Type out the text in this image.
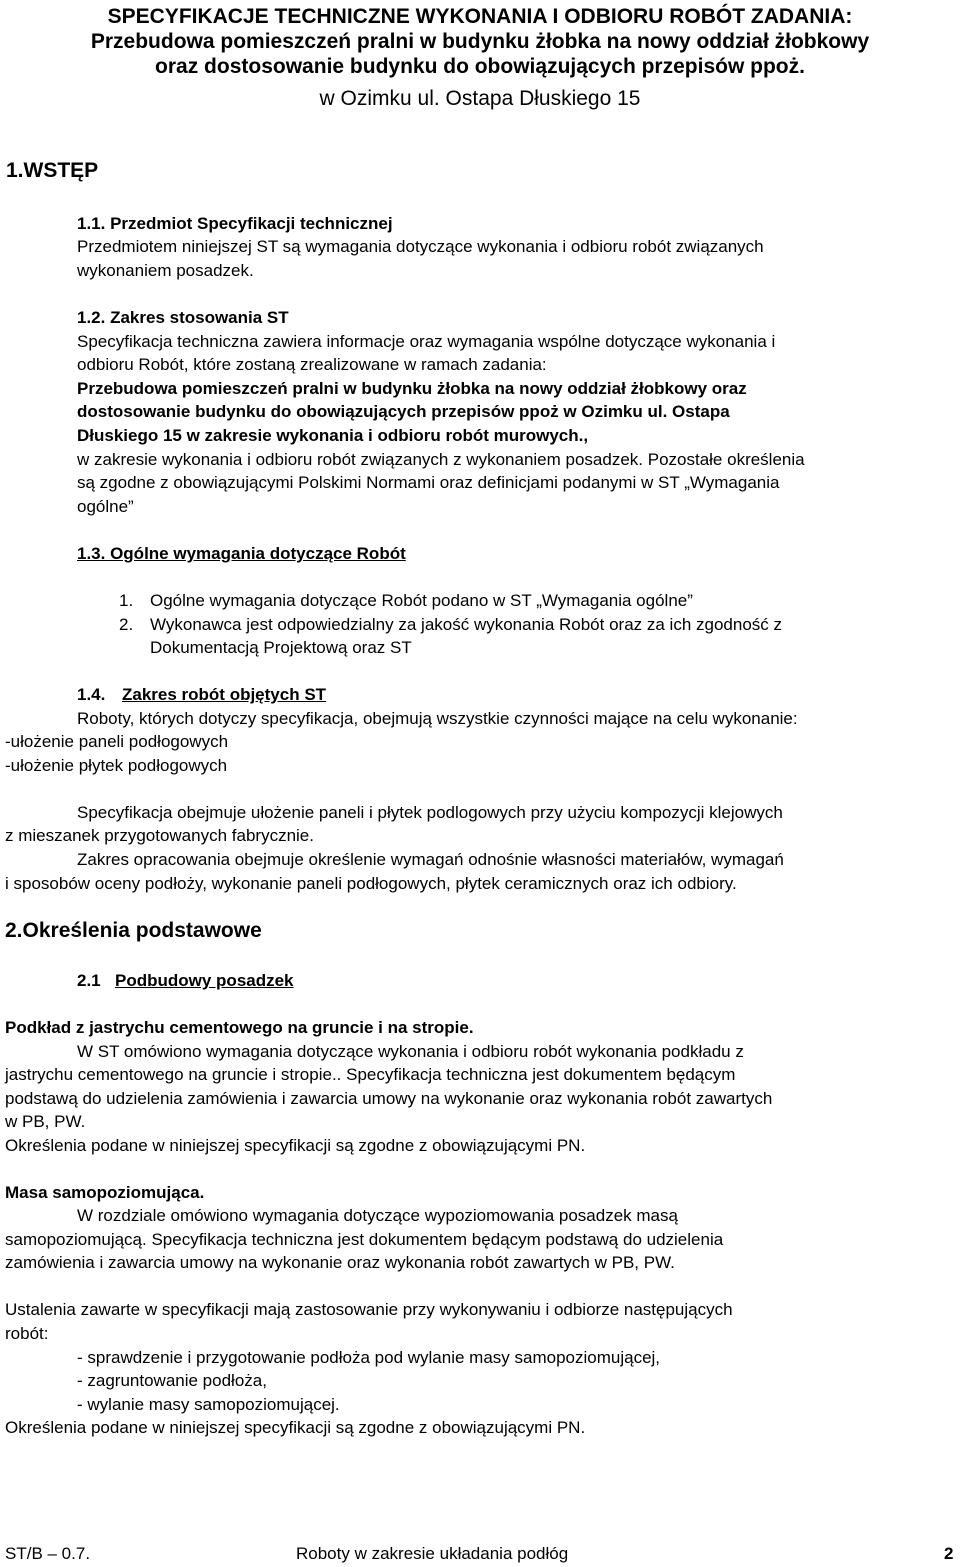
SPECYFIKACJE TECHNICZNE WYKONANIA I ODBIORU ROBÓT ZADANIA:
Przebudowa pomieszczeń pralni w budynku żłobka na nowy oddział żłobkowy
oraz dostosowanie budynku do obowiązujących przepisów ppoż.
w Ozimku ul. Ostapa Dłuskiego 15
1.WSTĘP
1.1. Przedmiot Specyfikacji technicznej
Przedmiotem niniejszej ST są wymagania dotyczące wykonania i odbioru robót związanych
wykonaniem posadzek.
1.2. Zakres stosowania ST
Specyfikacja techniczna zawiera informacje oraz wymagania wspólne dotyczące wykonania i
odbioru Robót, które zostaną zrealizowane w ramach zadania:
Przebudowa pomieszczeń pralni w budynku żłobka na nowy oddział żłobkowy oraz
dostosowanie budynku do obowiązujących przepisów ppoż w Ozimku ul. Ostapa
Dłuskiego 15 w zakresie wykonania i odbioru robót murowych.,
w zakresie wykonania i odbioru robót związanych z wykonaniem posadzek. Pozostałe określenia
są zgodne z obowiązującymi Polskimi Normami oraz definicjami podanymi w ST „Wymagania
ogólne”
1.3. Ogólne wymagania dotyczące Robót
1. Ogólne wymagania dotyczące Robót podano w ST „Wymagania ogólne”
2. Wykonawca jest odpowiedzialny za jakość wykonania Robót oraz za ich zgodność z
Dokumentacją Projektową oraz ST
1.4. Zakres robót objętych ST
Roboty, których dotyczy specyfikacja, obejmują wszystkie czynności mające na celu wykonanie:
-ułożenie paneli podłogowych
-ułożenie płytek podłogowych
Specyfikacja obejmuje ułożenie paneli i płytek podlogowych przy użyciu kompozycji klejowych
z mieszanek przygotowanych fabrycznie.
Zakres opracowania obejmuje określenie wymagań odnośnie własności materiałów, wymagań
i sposobów oceny podłoży, wykonanie paneli podłogowych, płytek ceramicznych oraz ich odbiory.
2.Określenia podstawowe
2.1 Podbudowy posadzek
Podkład z jastrychu cementowego na gruncie i na stropie.
W ST omówiono wymagania dotyczące wykonania i odbioru robót wykonania podkładu z
jastrychu cementowego na gruncie i stropie.. Specyfikacja techniczna jest dokumentem będącym
podstawą do udzielenia zamówienia i zawarcia umowy na wykonanie oraz wykonania robót zawartych
w PB, PW.
Określenia podane w niniejszej specyfikacji są zgodne z obowiązującymi PN.
Masa samopoziomująca.
W rozdziale omówiono wymagania dotyczące wypoziomowania posadzek masą
samopoziomującą. Specyfikacja techniczna jest dokumentem będącym podstawą do udzielenia
zamówienia i zawarcia umowy na wykonanie oraz wykonania robót zawartych w PB, PW.
Ustalenia zawarte w specyfikacji mają zastosowanie przy wykonywaniu i odbiorze następujących
robót:
- sprawdzenie i przygotowanie podłoża pod wylanie masy samopoziomującej,
- zagruntowanie podłoża,
- wylanie masy samopoziomującej.
Określenia podane w niniejszej specyfikacji są zgodne z obowiązującymi PN.
ST/B – 0.7.	Roboty w zakresie układania podłóg	2
